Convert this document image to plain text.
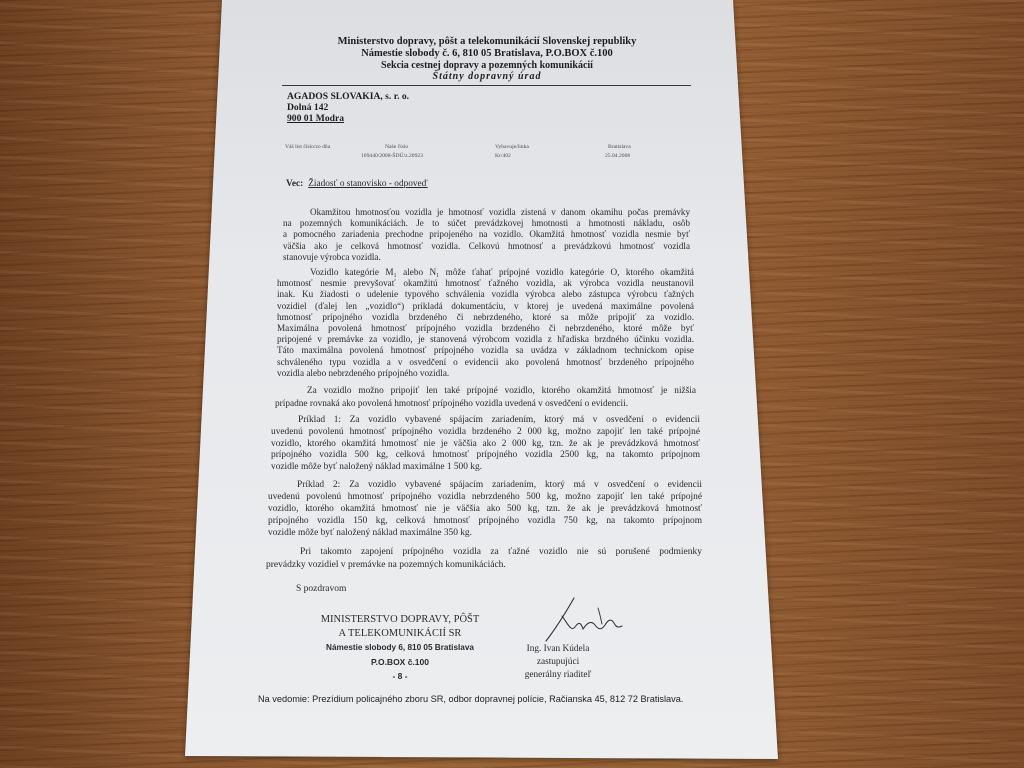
Ministerstvo dopravy, pôšt a telekomunikácií Slovenskej republiky
Námestie slobody č. 6, 810 05 Bratislava, P.O.BOX č.100
Sekcia cestnej dopravy a pozemných komunikácií
Štátny dopravný úrad
AGADOS SLOVAKIA, s. r. o.
Dolná 142
900 01 Modra
Váš list číslo/zo dňa	Naše číslo
109440/2008-ŠDÚ/z.20923
Vybavuje/linka
Kr/402
Bratislava
25.04.2008
Vec: Žiadosť o stanovisko - odpoveď
Okamžitou hmotnosťou vozidla je hmotnosť vozidla zistená v danom okamihu počas premávky
na pozemných komunikáciách. Je to súčet prevádzkovej hmotnosti a hmotnosti nákladu, osôb
a pomocného zariadenia prechodne pripojeného na vozidlo. Okamžitá hmotnosť vozidla nesmie byť
väčšia ako je celková hmotnosť vozidla. Celkovú hmotnosť a prevádzkovú hmotnosť vozidla
stanovuje výrobca vozidla.
Vozidlo kategórie M₁ alebo N₁ môže ťahať prípojné vozidlo kategórie O, ktorého okamžitá
hmotnosť nesmie prevyšovať okamžitú hmotnosť ťažného vozidla, ak výrobca vozidla neustanovil
inak. Ku žiadosti o udelenie typového schválenia vozidla výrobca alebo zástupca výrobcu ťažných
vozidiel (ďalej len „vozidlo“) prikladá dokumentáciu, v ktorej je uvedená maximálne povolená
hmotnosť prípojného vozidla brzdeného či nebrzdeného, ktoré sa môže pripojiť za vozidlo.
Maximálna povolená hmotnosť prípojného vozidla brzdeného či nebrzdeného, ktoré môže byť
pripojené v premávke za vozidlo, je stanovená výrobcom vozidla z hľadiska brzdného účinku vozidla.
Táto maximálna povolená hmotnosť prípojného vozidla sa uvádza v základnom technickom opise
schváleného typu vozidla a v osvedčení o evidencii ako povolená hmotnosť brzdeného prípojného
vozidla alebo nebrzdeného prípojného vozidla.
Za vozidlo možno pripojiť len také prípojné vozidlo, ktorého okamžitá hmotnosť je nižšia
prípadne rovnaká ako povolená hmotnosť prípojného vozidla uvedená v osvedčení o evidencii.
Príklad 1: Za vozidlo vybavené spájacím zariadením, ktorý má v osvedčení o evidencii
uvedenú povolenú hmotnosť prípojného vozidla brzdeného 2 000 kg, možno zapojiť len také prípojné
vozidlo, ktorého okamžitá hmotnosť nie je väčšia ako 2 000 kg, tzn. že ak je prevádzková hmotnosť
prípojného vozidla 500 kg, celková hmotnosť prípojného vozidla 2500 kg, na takomto prípojnom
vozidle môže byť naložený náklad maximálne 1 500 kg.
Príklad 2: Za vozidlo vybavené spájacím zariadením, ktorý má v osvedčení o evidencii
uvedenú povolenú hmotnosť prípojného vozidla nebrzdeného 500 kg, možno zapojiť len také prípojné
vozidlo, ktorého okamžitá hmotnosť nie je väčšia ako 500 kg, tzn. že ak je prevádzková hmotnosť
prípojného vozidla 150 kg, celková hmotnosť prípojného vozidla 750 kg, na takomto prípojnom
vozidle môže byť naložený náklad maximálne 350 kg.
Pri takomto zapojení prípojného vozidla za ťažné vozidlo nie sú porušené podmienky
prevádzky vozidiel v premávke na pozemných komunikáciách.
S pozdravom
MINISTERSTVO DOPRAVY, PÔŠT
A TELEKOMUNIKÁCIÍ SR
Námestie slobody 6, 810 05 Bratislava
P.O.BOX č.100
- 8 -
Ing. Ivan Kúdela
zastupujúci
generálny riaditeľ
Na vedomie: Prezídium policajného zboru SR, odbor dopravnej polície, Račianska 45, 812 72 Bratislava.
